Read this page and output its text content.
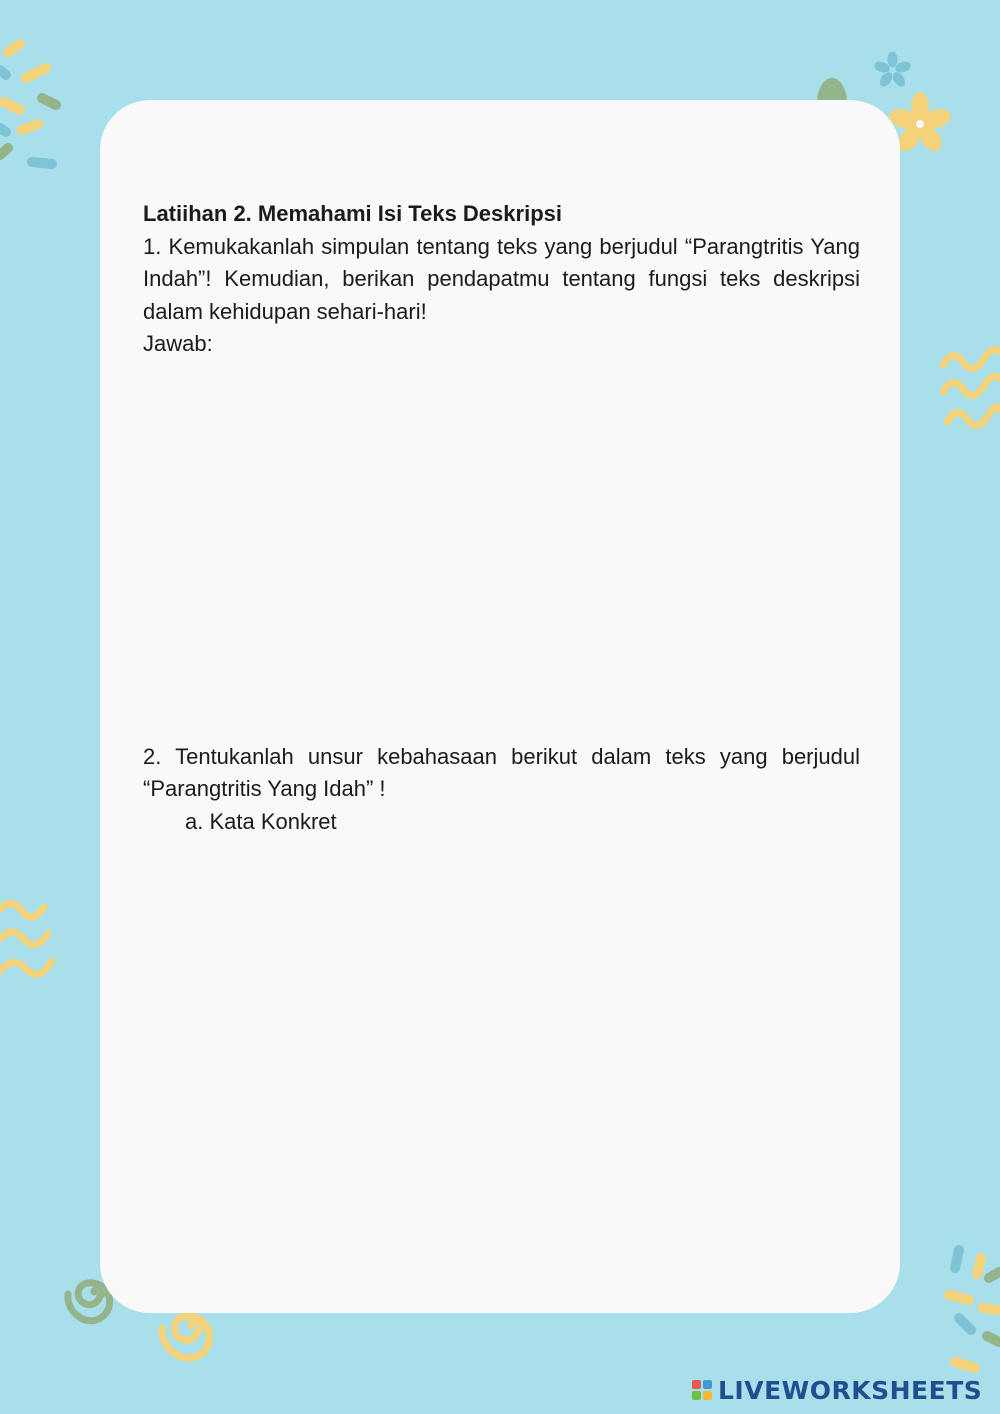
Latiihan 2. Memahami Isi Teks Deskripsi

1. Kemukakanlah simpulan tentang teks yang berjudul “Parangtritis Yang Indah”! Kemudian, berikan pendapatmu tentang fungsi teks deskripsi dalam kehidupan sehari-hari!

Jawab:

2. Tentukanlah unsur kebahasaan berikut dalam teks yang berjudul “Parangtritis Yang Idah” !

a. Kata Konkret
LIVEWORKSHEETS
